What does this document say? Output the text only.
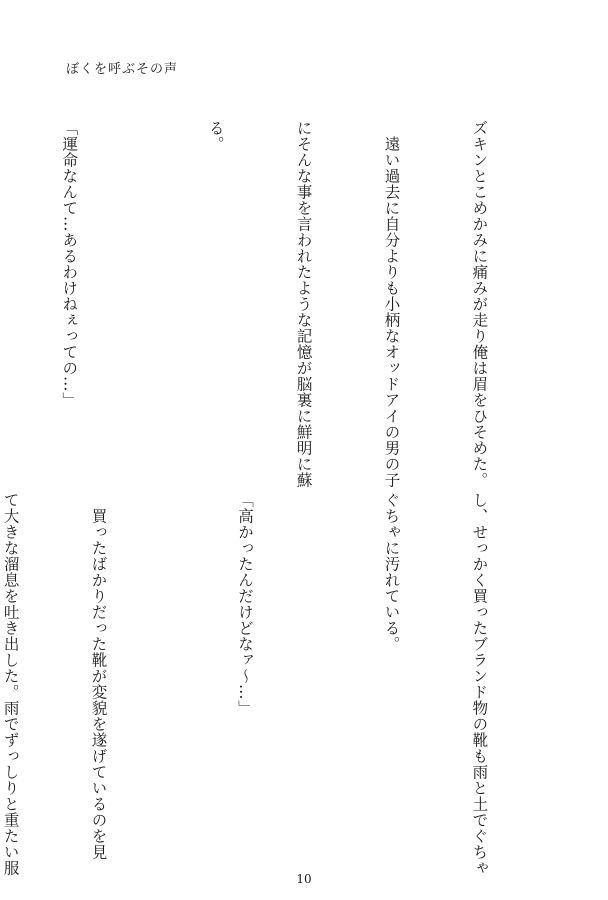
ぼくを呼ぶその声

ズキンとこめかみに痛みが走り俺は眉をひそめた。

　遠い過去に自分よりも小柄なオッドアイの男の子

にそんな事を言われたような記憶が脳裏に鮮明に蘇

る。

「運命なんて…あるわけねぇっての…」

し、せっかく買ったブランド物の靴も雨と土でぐちゃ

ぐちゃに汚れている。

「高かったんだけどなァ～…」

　買ったばかりだった靴が変貌を遂げているのを見

て大きな溜息を吐き出した。雨でずっしりと重たい服

10
